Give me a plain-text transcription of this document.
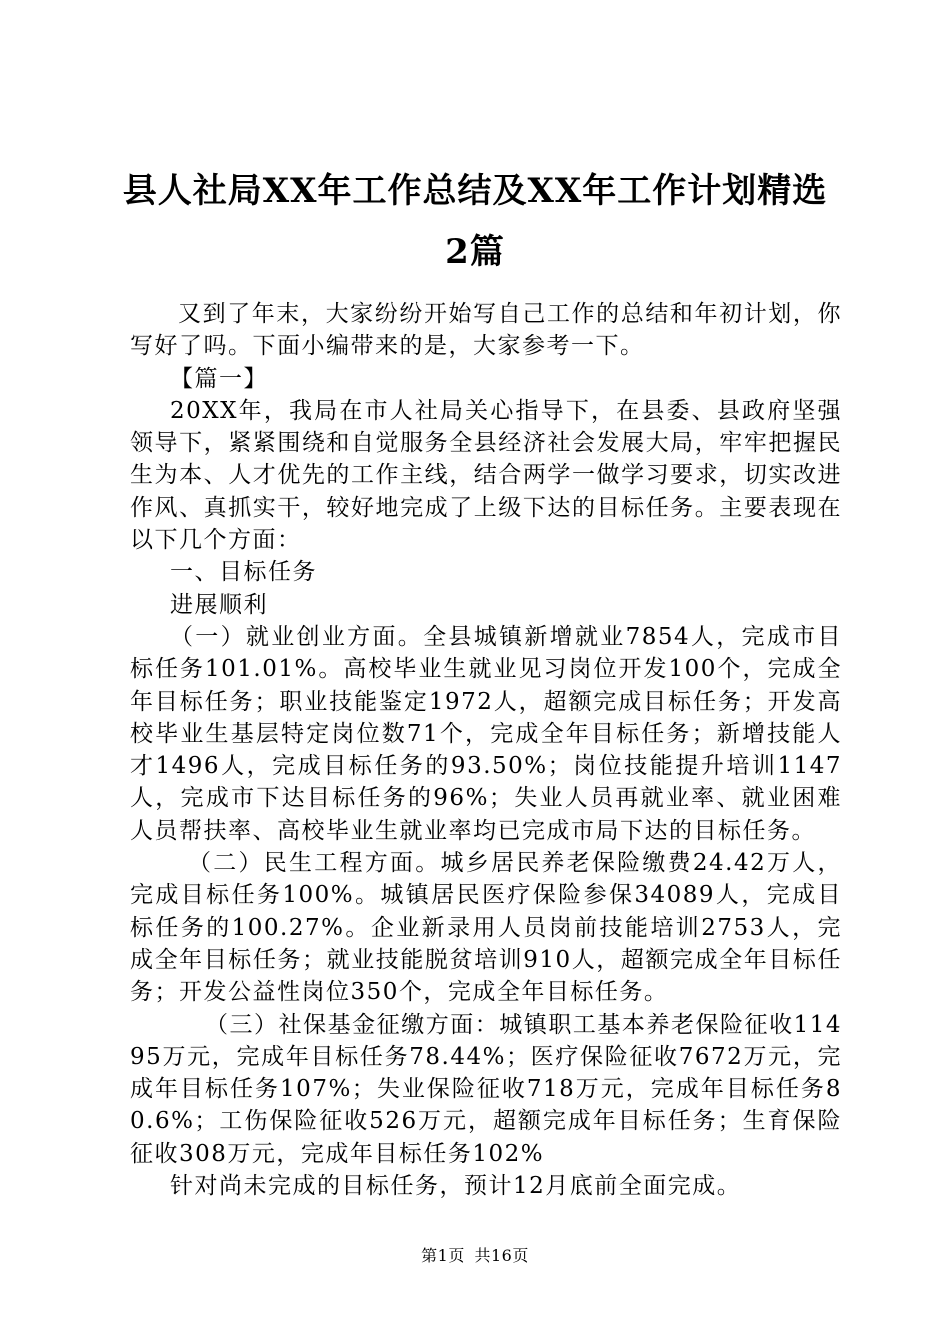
县人社局XX年工作总结及XX年工作计划精选
2篇

又到了年末，大家纷纷开始写自己工作的总结和年初计划，你写好了吗。下面小编带来的是，大家参考一下。

【篇一】

20XX年，我局在市人社局关心指导下，在县委、县政府坚强领导下，紧紧围绕和自觉服务全县经济社会发展大局，牢牢把握民生为本、人才优先的工作主线，结合两学一做学习要求，切实改进作风、真抓实干，较好地完成了上级下达的目标任务。主要表现在以下几个方面：

一、目标任务

进展顺利

（一）就业创业方面。全县城镇新增就业7854人，完成市目标任务101.01%。高校毕业生就业见习岗位开发100个，完成全年目标任务；职业技能鉴定1972人，超额完成目标任务；开发高校毕业生基层特定岗位数71个，完成全年目标任务；新增技能人才1496人，完成目标任务的93.50%；岗位技能提升培训1147人，完成市下达目标任务的96%；失业人员再就业率、就业困难人员帮扶率、高校毕业生就业率均已完成市局下达的目标任务。

（二）民生工程方面。城乡居民养老保险缴费24.42万人，完成目标任务100%。城镇居民医疗保险参保34089人，完成目标任务的100.27%。企业新录用人员岗前技能培训2753人，完成全年目标任务；就业技能脱贫培训910人，超额完成全年目标任务；开发公益性岗位350个，完成全年目标任务。

（三）社保基金征缴方面：城镇职工基本养老保险征收11495万元，完成年目标任务78.44%；医疗保险征收7672万元，完成年目标任务107%；失业保险征收718万元，完成年目标任务80.6%；工伤保险征收526万元，超额完成年目标任务；生育保险征收308万元，完成年目标任务102%

针对尚未完成的目标任务，预计12月底前全面完成。

第1页 共16页
